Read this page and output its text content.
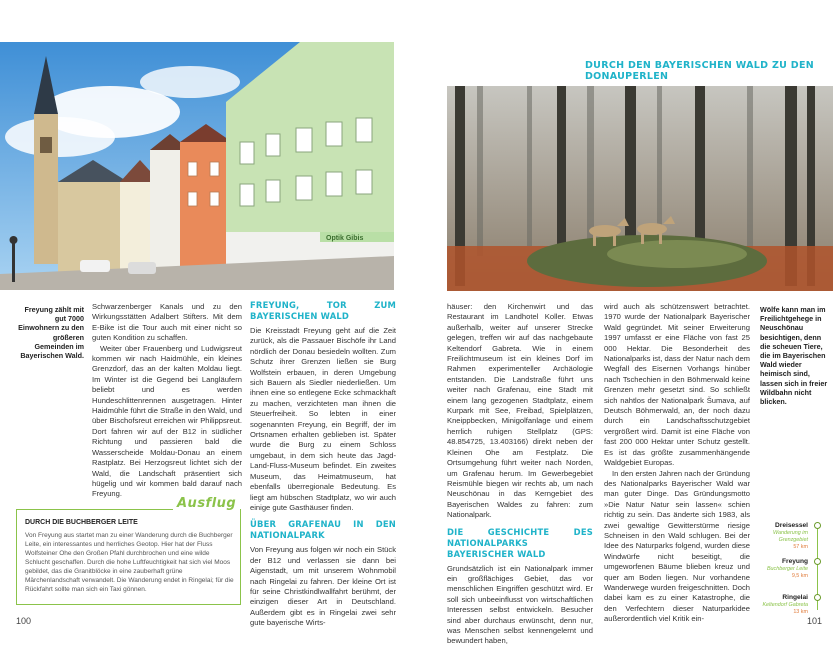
Optik Gibis
Freyung zählt mit gut 7000 Einwohnern zu den größeren Gemeinden im Bayerischen Wald.

Schwarzenberger Kanals und zu den Wirkungsstätten Adalbert Stifters. Mit dem E-Bike ist die Tour auch mit einer nicht so guten Kondition zu schaffen.

Weiter über Frauenberg und Ludwigsreut kommen wir nach Haidmühle, ein kleines Grenzdorf, das an der kalten Moldau liegt. Im Winter ist die Gegend bei Langläufern beliebt und es werden Hundeschlittenrennen ausgetragen. Hinter Haidmühle führt die Straße in den Wald, und über Bischofsreut erreichen wir Philippsreut. Dort fahren wir auf der B12 in südlicher Richtung und passieren bald die Wasserscheide Moldau-Donau an einem Rastplatz. Bei Herzogsreut lichtet sich der Wald, die Landschaft präsentiert sich hügelig und wir kommen bald darauf nach Freyung.

FREYUNG, TOR ZUM BAYERISCHEN WALD

Die Kreisstadt Freyung geht auf die Zeit zurück, als die Passauer Bischöfe ihr Land nördlich der Donau besiedeln wollten. Zum Schutz ihrer Grenzen ließen sie Burg Wolfstein erbauen, in deren Umgebung sich Bauern als Siedler niederließen. Um ihnen eine so entlegene Ecke schmackhaft zu machen, verzichteten man ihnen die Steuerfreiheit. So lebten in einer sogenannten Freyung, ein Begriff, der im Ortsnamen erhalten geblieben ist. Später wurde die Burg zu einem Schloss umgebaut, in dem sich heute das Jagd-Land-Fluss-Museum befindet. Ein zweites Museum, das Heimatmuseum, hat ebenfalls überregionale Bedeutung. Es liegt am hübschen Stadtplatz, wo wir auch einige gute Gasthäuser finden.

ÜBER GRAFENAU IN DEN NATIONALPARK

Von Freyung aus folgen wir noch ein Stück der B12 und verlassen sie dann bei Aigenstadt, um mit unserem Wohnmobil nach Ringelai zu fahren. Der kleine Ort ist für seine Christkindlwallfahrt berühmt, der einzigen dieser Art in Deutschland. Außerdem gibt es in Ringelai zwei sehr gute bayerische Wirts-

DURCH DIE BUCHBERGER LEITE
Von Freyung aus startet man zu einer Wanderung durch die Buchberger Leite, ein interessantes und herrliches Geotop. Hier hat der Fluss Wolfsteiner Ohe den Großen Pfahl durchbrochen und eine wilde Schlucht geschaffen. Durch die hohe Luftfeuchtigkeit hat sich viel Moos gebildet, das die Granitblöcke in eine zauberhaft grüne Märchenlandschaft verwandelt. Die Wanderung endet in Ringelai; für die Rückfahrt sollte man sich ein Taxi gönnen.
Ausflug
100
DURCH DEN BAYERISCHEN WALD ZU DEN DONAUPERLEN
Wölfe kann man im Freilichtgehege in Neuschönau besichtigen, denn die scheuen Tiere, die im Bayerischen Wald wieder heimisch sind, lassen sich in freier Wildbahn nicht blicken.

häuser: den Kirchenwirt und das Restaurant im Landhotel Koller. Etwas außerhalb, weiter auf unserer Strecke gelegen, treffen wir auf das nachgebaute Keltendorf Gabreta. Wie in einem Freilichtmuseum ist ein kleines Dorf im Rahmen experimenteller Archäologie entstanden. Die Landstraße führt uns weiter nach Grafenau, eine Stadt mit einem lang gezogenen Stadtplatz, einem Kurpark mit See, Freibad, Spielplätzen, Kneippbecken, Minigolfanlage und einem herrlich ruhigen Stellplatz (GPS: 48.854725, 13.403166) direkt neben der Kleinen Ohe am Festplatz. Die Ortsumgehung führt weiter nach Norden, um Grafenau herum. Im Gewerbegebiet Reismühle biegen wir rechts ab, um nach Neuschönau in das Kerngebiet des Bayerischen Waldes zu fahren: zum Nationalpark.

DIE GESCHICHTE DES NATIONALPARKS BAYERISCHER WALD

Grundsätzlich ist ein Nationalpark immer ein großflächiges Gebiet, das vor menschlichen Eingriffen geschützt wird. Er soll sich unbeeinflusst von wirtschaftlichen Interessen selbst entwickeln. Besucher sind aber durchaus erwünscht, denn nur, was Menschen selbst kennengelernt und bewundert haben,

wird auch als schützenswert betrachtet. 1970 wurde der Nationalpark Bayerischer Wald gegründet. Mit seiner Erweiterung 1997 umfasst er eine Fläche von fast 25 000 Hektar. Die Besonderheit des Nationalparks ist, dass der Natur nach dem Wegfall des Eisernen Vorhangs hinüber nach Tschechien in den Böhmerwald keine Grenzen mehr gesetzt sind. So schließt sich nahtlos der Nationalpark Šumava, auf Deutsch Böhmerwald, an, der noch dazu durch ein Landschaftsschutzgebiet vergrößert wird. Damit ist eine Fläche von fast 200 000 Hektar unter Schutz gestellt. Es ist das größte zusammenhängende Waldgebiet Europas.

In den ersten Jahren nach der Gründung des Nationalparks Bayerischer Wald war man guter Dinge. Das Gründungsmotto »Die Natur Natur sein lassen« schien richtig zu sein. Das änderte sich 1983, als zwei gewaltige Gewitterstürme riesige Schneisen in den Wald schlugen. Bei der Idee des Naturparks folgend, wurden diese Windwürfe nicht beseitigt, die umgeworfenen Bäume blieben kreuz und quer am Boden liegen. Nur vorhandene Wanderwege wurden freigeschnitten. Doch dabei kam es zu einer Katastrophe, die den Verfechtern dieser Naturparkidee außerordentlich viel Kritik ein-	101
Dreisessel
Wanderung im Grenzgebiet
57 km
Freyung
Buchberger Leite
9,5 km
Ringelai
Keltendorf Gabreta
13 km
